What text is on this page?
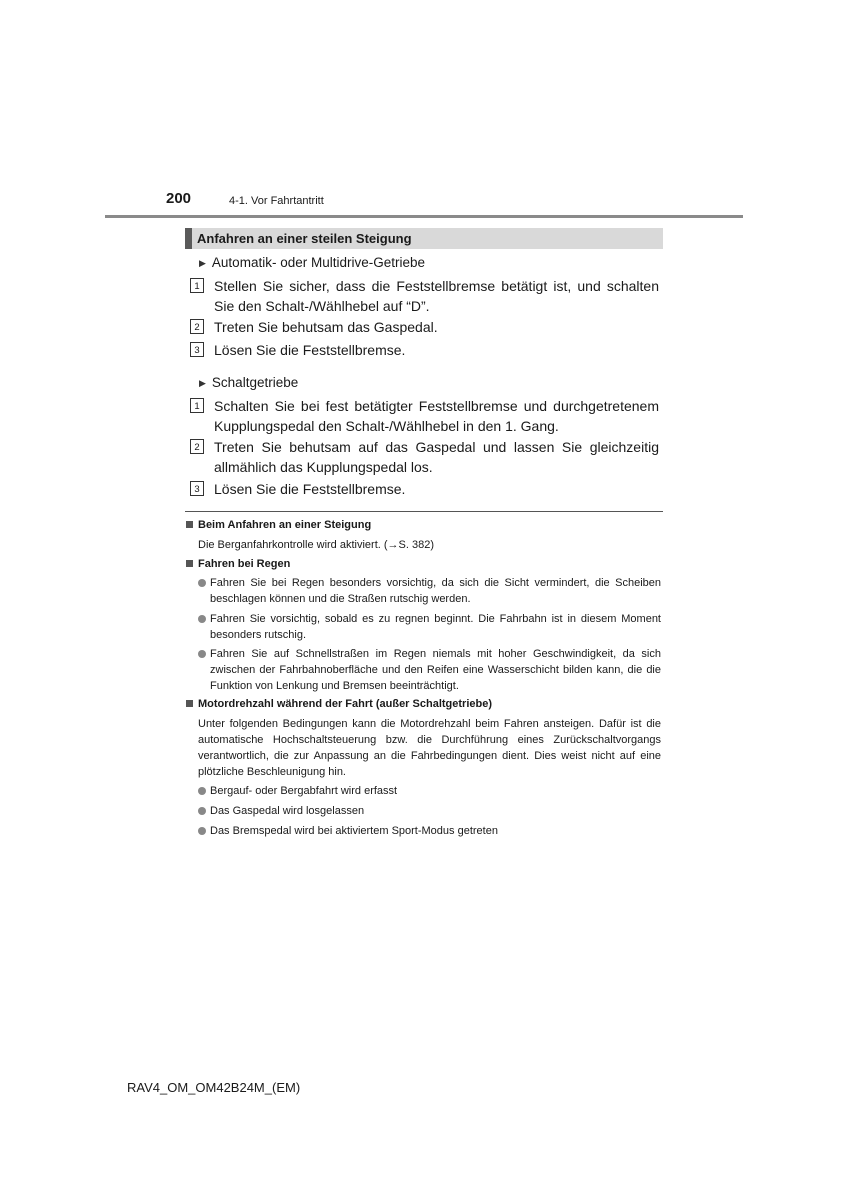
200	4-1. Vor Fahrtantritt
Anfahren an einer steilen Steigung
▶ Automatik- oder Multidrive-Getriebe
1	Stellen Sie sicher, dass die Feststellbremse betätigt ist, und schalten Sie den Schalt-/Wählhebel auf “D”.
2	Treten Sie behutsam das Gaspedal.
3	Lösen Sie die Feststellbremse.
▶ Schaltgetriebe
1	Schalten Sie bei fest betätigter Feststellbremse und durchgetretenem Kupplungspedal den Schalt-/Wählhebel in den 1. Gang.
2	Treten Sie behutsam auf das Gaspedal und lassen Sie gleichzeitig allmählich das Kupplungspedal los.
3	Lösen Sie die Feststellbremse.
Beim Anfahren an einer Steigung
Die Berganfahrkontrolle wird aktiviert. (→S. 382)
Fahren bei Regen
Fahren Sie bei Regen besonders vorsichtig, da sich die Sicht vermindert, die Scheiben beschlagen können und die Straßen rutschig werden.
Fahren Sie vorsichtig, sobald es zu regnen beginnt. Die Fahrbahn ist in diesem Moment besonders rutschig.
Fahren Sie auf Schnellstraßen im Regen niemals mit hoher Geschwindigkeit, da sich zwischen der Fahrbahnoberfläche und den Reifen eine Wasserschicht bilden kann, die die Funktion von Lenkung und Bremsen beeinträchtigt.
Motordrehzahl während der Fahrt (außer Schaltgetriebe)
Unter folgenden Bedingungen kann die Motordrehzahl beim Fahren ansteigen. Dafür ist die automatische Hochschaltsteuerung bzw. die Durchführung eines Zurückschaltvorgangs verantwortlich, die zur Anpassung an die Fahrbedingungen dient. Dies weist nicht auf eine plötzliche Beschleunigung hin.
Bergauf- oder Bergabfahrt wird erfasst
Das Gaspedal wird losgelassen
Das Bremspedal wird bei aktiviertem Sport-Modus getreten
RAV4_OM_OM42B24M_(EM)
